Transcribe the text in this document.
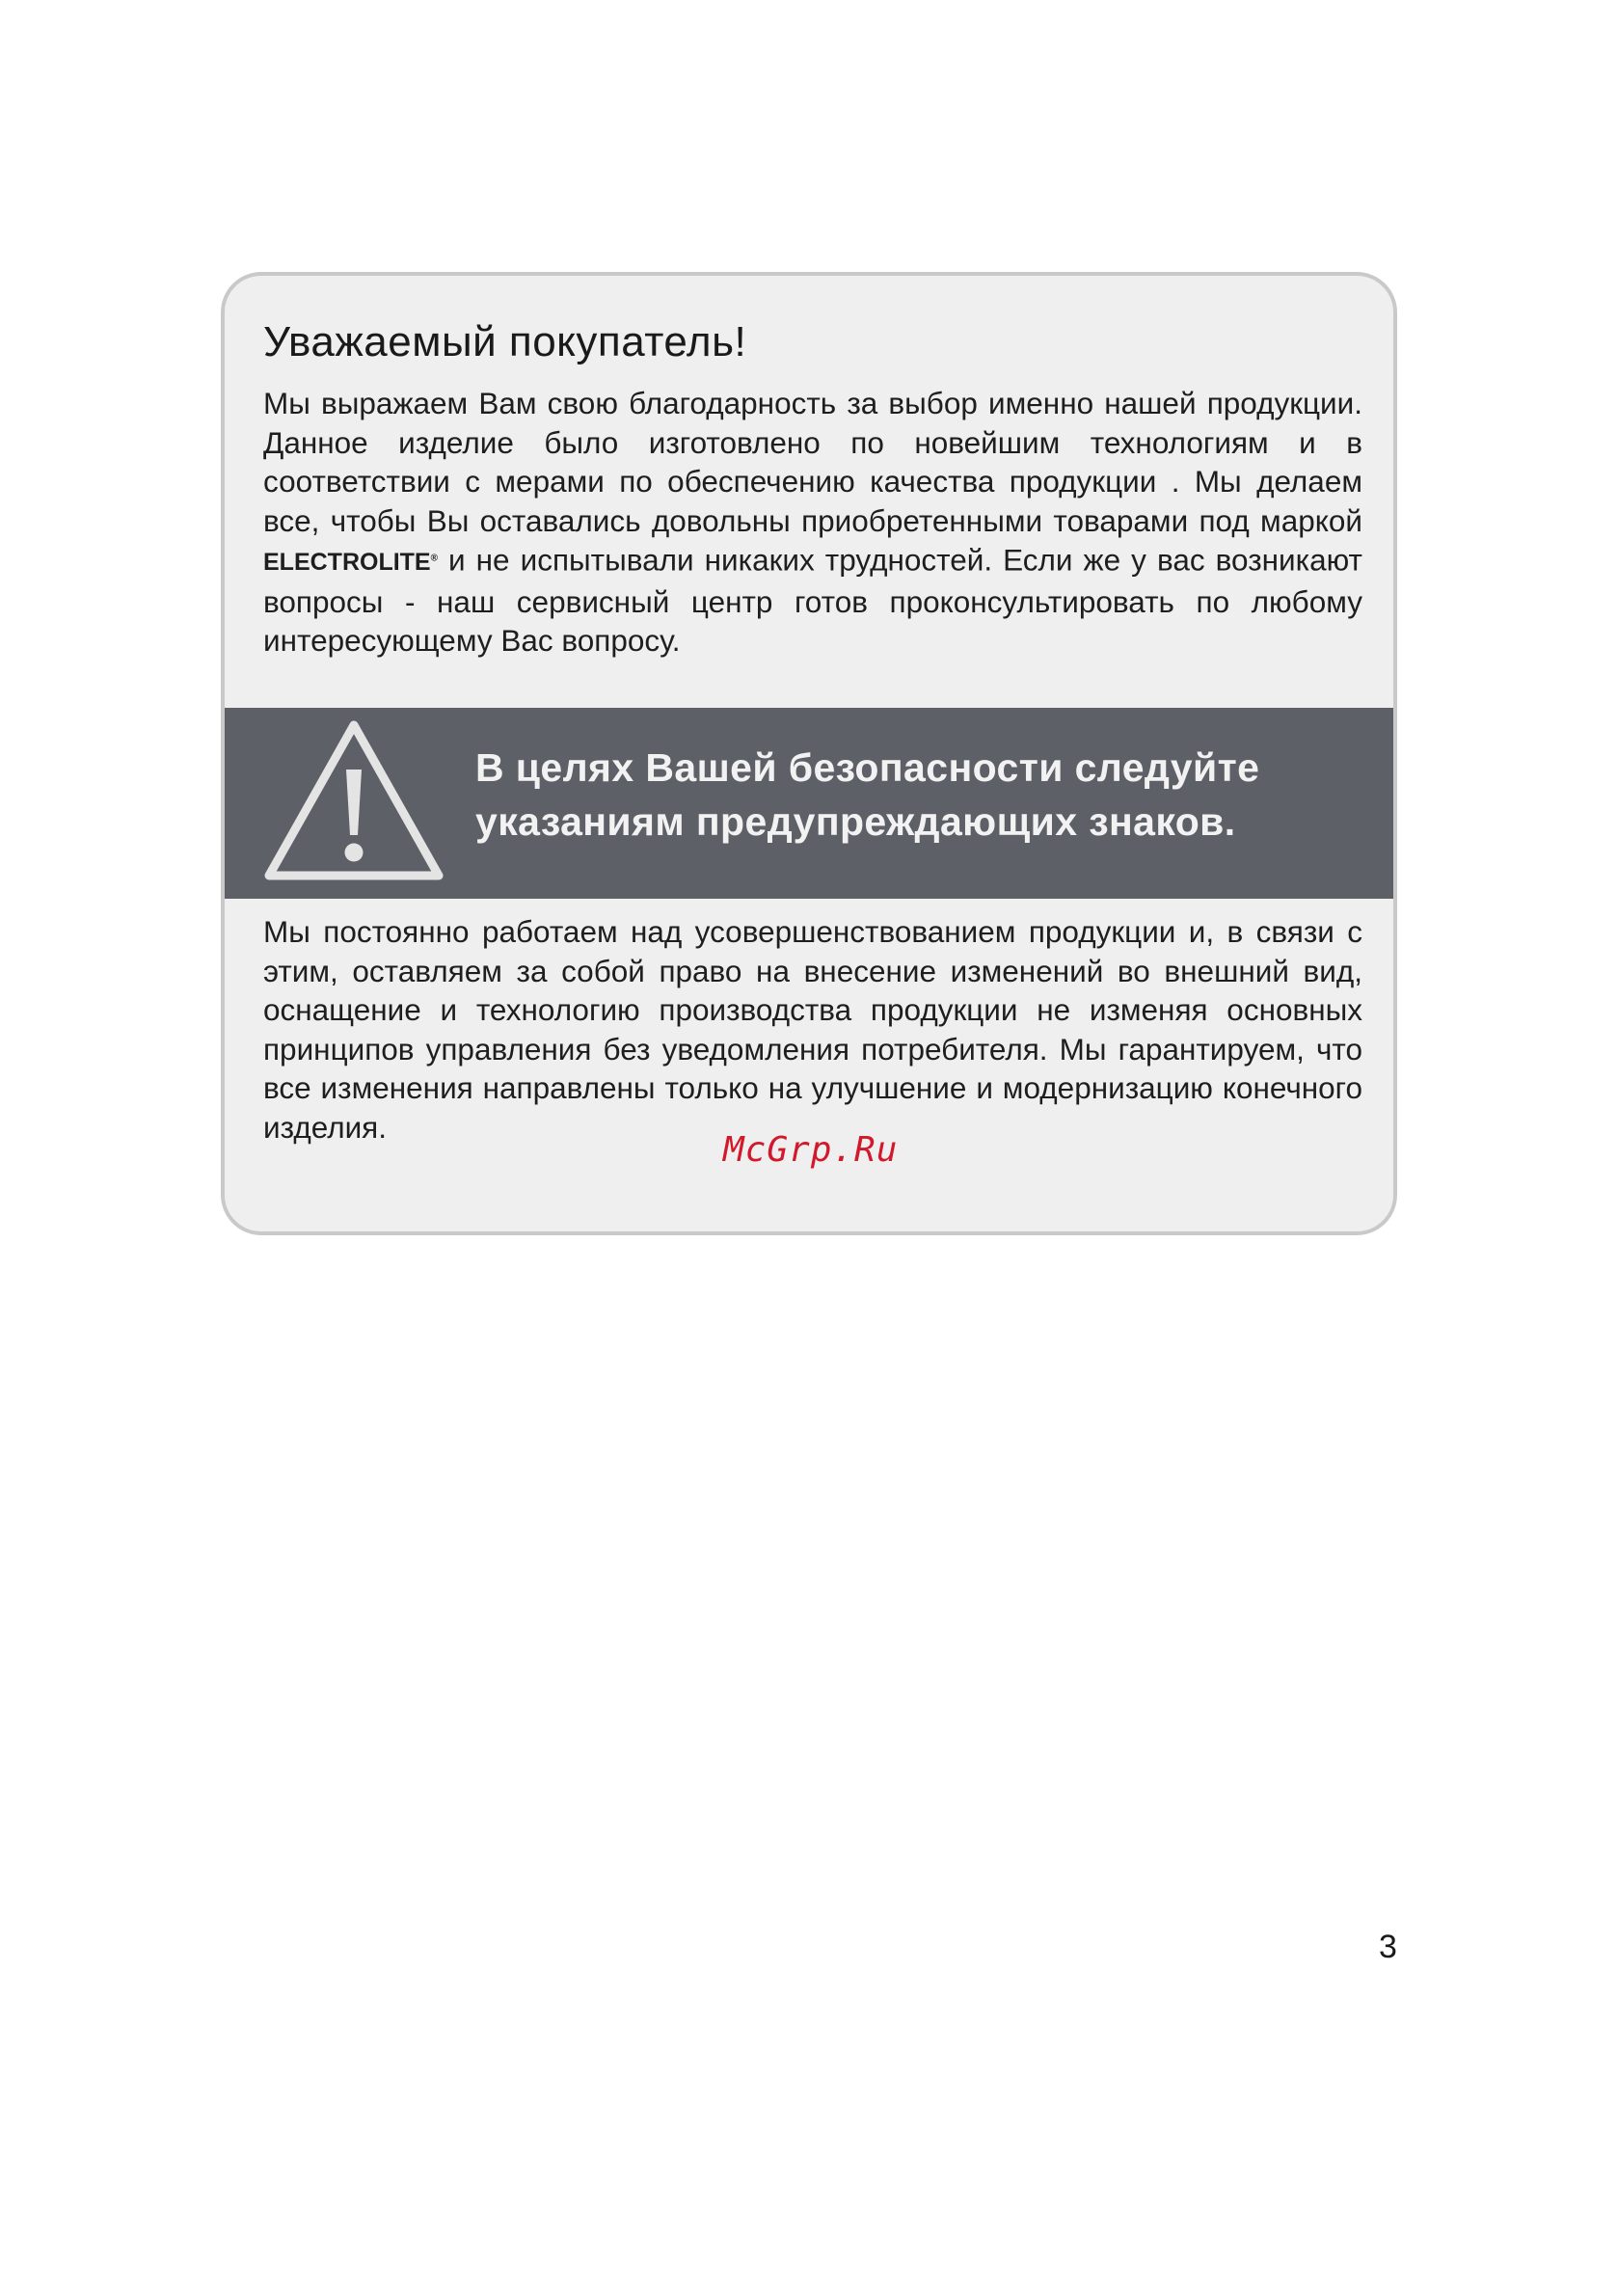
Уважаемый покупатель!

Мы выражаем Вам свою благодарность за выбор именно нашей продукции. Данное изделие было изготовлено по новейшим технологиям и в соответствии с мерами по обеспечению качества продукции . Мы делаем все, чтобы Вы оставались довольны приобретенными товарами под маркой ELECTROLITE® и не испытывали никаких трудностей. Если же у вас возникают вопросы - наш сервисный центр готов проконсультировать по любому интересующему Вас вопросу.

В целях Вашей безопасности следуйте указаниям предупреждающих знаков.

Мы постоянно работаем над усовершенствованием продукции и, в связи с этим, оставляем за собой право на внесение изменений во внешний вид, оснащение и технологию производства продукции не изменяя основных принципов управления без уведомления потребителя. Мы гарантируем, что все изменения направлены только на улучшение и модернизацию конечного изделия.

McGrp.Ru

3
